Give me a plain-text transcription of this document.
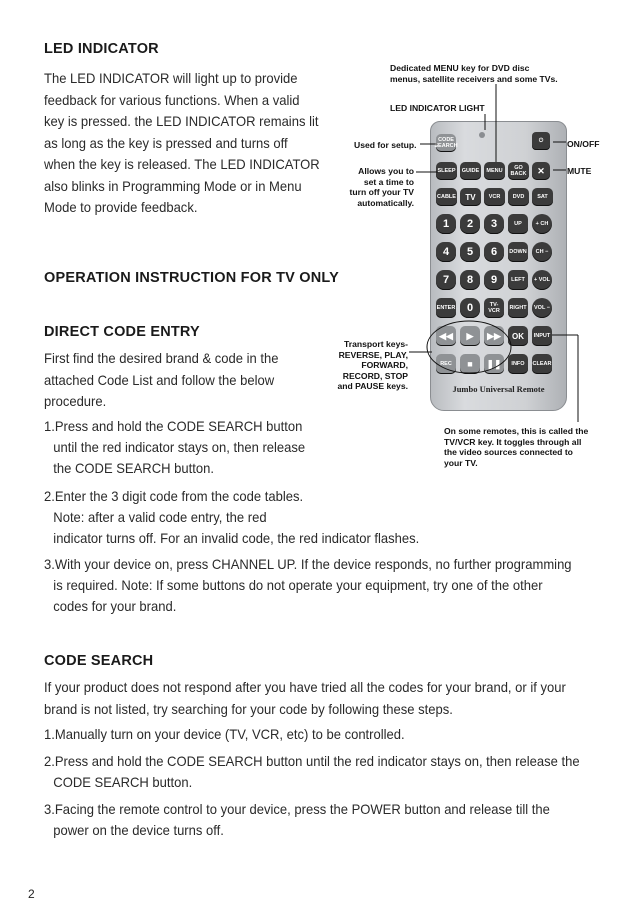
LED INDICATOR
The LED INDICATOR will light up to provide
feedback for various functions. When a valid
key is pressed. the LED INDICATOR remains lit
as long as the key is pressed and turns off
when the key is released. The LED INDICATOR
also blinks in Programming Mode or in Menu
Mode to provide feedback.
OPERATION INSTRUCTION FOR TV ONLY
DIRECT CODE ENTRY
First find the desired brand & code in the
attached Code List and follow the below
procedure.
1.Press and hold the CODE SEARCH button
until the red indicator stays on, then release
the CODE SEARCH button.
2.Enter the 3 digit code from the code tables.
Note: after a valid code entry, the red
indicator turns off. For an invalid code, the red indicator flashes.
3.With your device on, press CHANNEL UP. If the device responds, no further programming
is required. Note: If some buttons do not operate your equipment, try one of the other
codes for your brand.
CODE SEARCH
If your product does not respond after you have tried all the codes for your brand, or if your
brand is not listed, try searching for your code by following these steps.
1.Manually turn on your device (TV, VCR, etc) to be controlled.
2.Press and hold the CODE SEARCH button until the red indicator stays on, then release the
CODE SEARCH button.
3.Facing the remote control to your device, press the POWER button and release till the
power on the device turns off.
2
Dedicated MENU key for DVD disc
menus, satellite receivers and some TVs.
LED INDICATOR LIGHT
Used for setup.
Allows you to
set a time to
turn off your TV
automatically.
Transport keys-
REVERSE, PLAY,
FORWARD,
RECORD, STOP
and PAUSE keys.
ON/OFF
MUTE
On some remotes, this is called the
TV/VCR key. It toggles through all
the video sources connected to
your TV.
CODE SEARCH
⏻
SLEEP	GUIDE	MENU	GO BACK	✕
CABLE	TV	VCR	DVD	SAT
1	2	3	UP	+ CH
4	5	6	DOWN	CH −
7	8	9	LEFT	+ VOL
ENTER	0	TV-VCR	RIGHT	VOL −
◀◀	▶	▶▶	OK	INPUT
REC	■	❚❚	INFO	CLEAR
Jumbo Universal Remote
